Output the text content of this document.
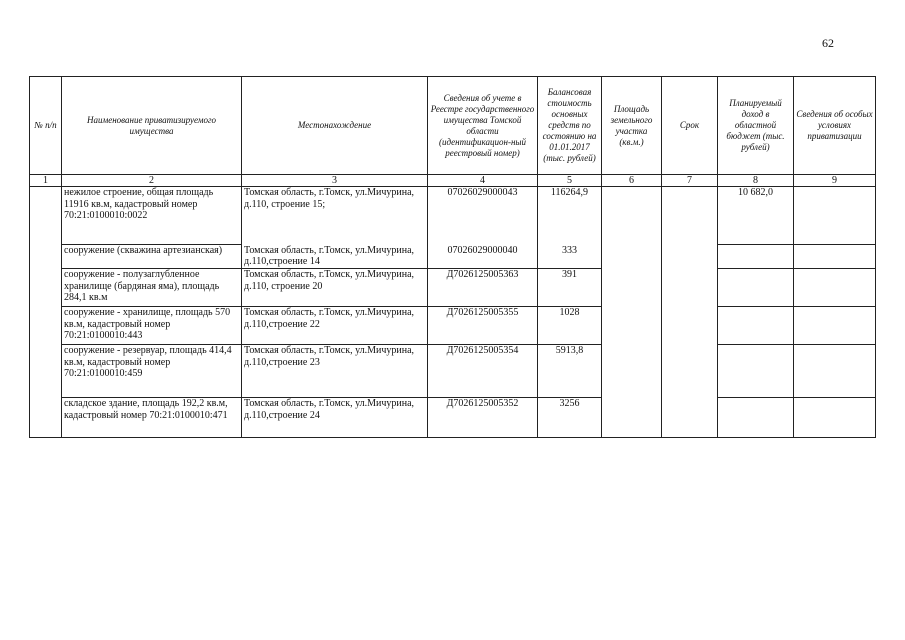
62
№ п/п	Наименование приватизируемого имущества	Местонахождение	Сведения об учете в Реестре государственного имущества Томской области (идентификацион-ный реестровый номер)	Балансовая стоимость основных средств по состоянию на 01.01.2017 (тыс. рублей)	Площадь земельного участка (кв.м.)	Срок	Планируемый доход в областной бюджет (тыс. рублей)	Сведения об особых условиях приватизации
1	2	3	4	5	6	7	8	9
	нежилое строение, общая площадь 11916 кв.м, кадастровый номер 70:21:0100010:0022	Томская область, г.Томск, ул.Мичурина, д.110, строение 15;	07026029000043	116264,9			10 682,0	
	сооружение (скважина артезианская)	Томская область, г.Томск, ул.Мичурина, д.110,строение 14	07026029000040	333				
	сооружение - полузаглубленное хранилище (бардяная яма), площадь 284,1 кв.м	Томская область, г.Томск, ул.Мичурина, д.110, строение 20	Д7026125005363	391				
	сооружение - хранилище, площадь 570 кв.м, кадастровый номер 70:21:0100010:443	Томская область, г.Томск, ул.Мичурина, д.110,строение 22	Д7026125005355	1028				
	сооружение - резервуар, площадь 414,4 кв.м, кадастровый номер 70:21:0100010:459	Томская область, г.Томск, ул.Мичурина, д.110,строение 23	Д7026125005354	5913,8				
	складское здание, площадь 192,2 кв.м, кадастровый номер 70:21:0100010:471	Томская область, г.Томск, ул.Мичурина, д.110,строение 24	Д7026125005352	3256				
